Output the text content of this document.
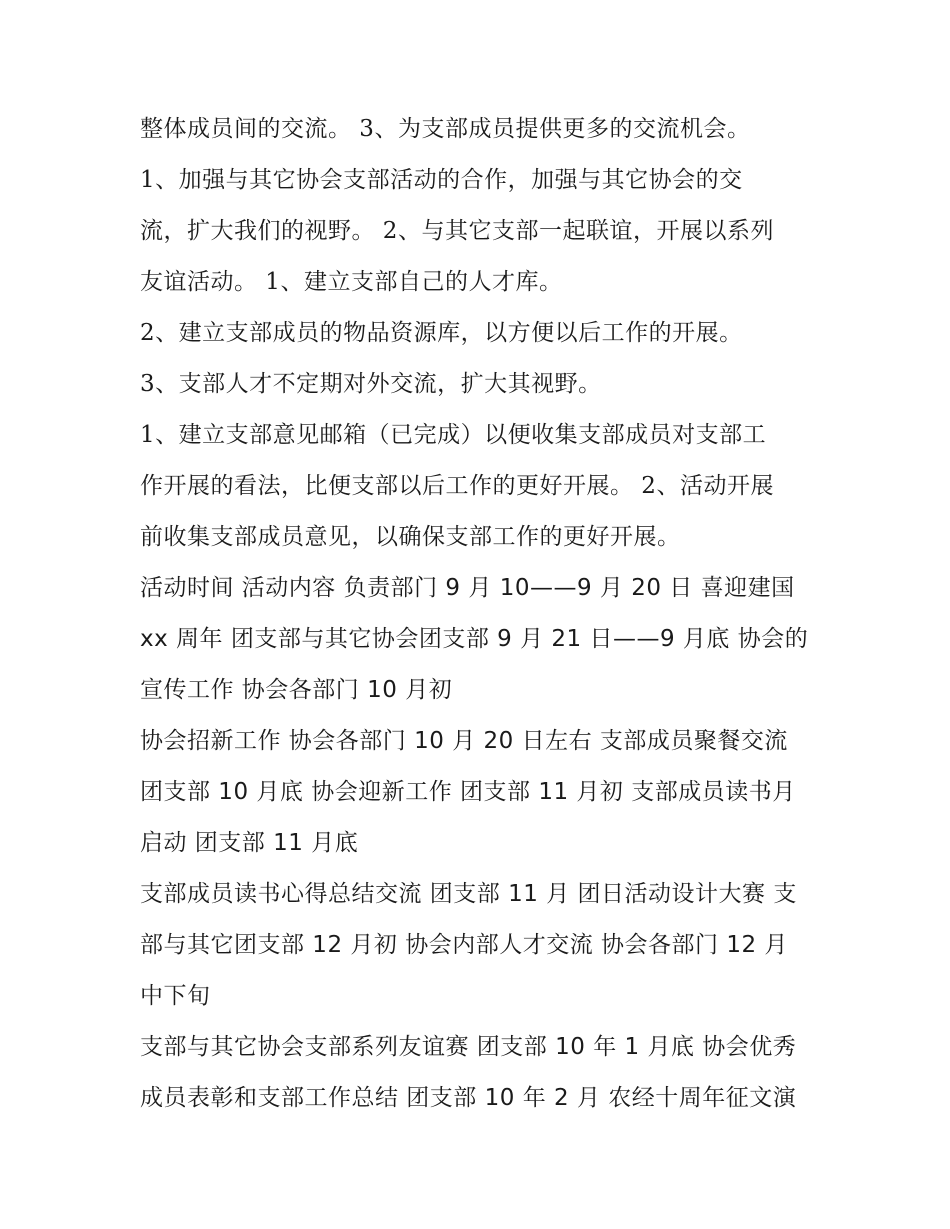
整体成员间的交流。 3、为支部成员提供更多的交流机会。
1、加强与其它协会支部活动的合作，加强与其它协会的交
流，扩大我们的视野。 2、与其它支部一起联谊，开展以系列
友谊活动。 1、建立支部自己的人才库。
2、建立支部成员的物品资源库，以方便以后工作的开展。
3、支部人才不定期对外交流，扩大其视野。
1、建立支部意见邮箱（已完成）以便收集支部成员对支部工
作开展的看法，比便支部以后工作的更好开展。 2、活动开展
前收集支部成员意见，以确保支部工作的更好开展。
活动时间 活动内容 负责部门 9 月 10——9 月 20 日 喜迎建国
xx 周年 团支部与其它协会团支部 9 月 21 日——9 月底 协会的
宣传工作 协会各部门 10 月初
协会招新工作 协会各部门 10 月 20 日左右 支部成员聚餐交流
团支部 10 月底 协会迎新工作 团支部 11 月初 支部成员读书月
启动 团支部 11 月底
支部成员读书心得总结交流 团支部 11 月 团日活动设计大赛 支
部与其它团支部 12 月初 协会内部人才交流 协会各部门 12 月
中下旬
支部与其它协会支部系列友谊赛 团支部 10 年 1 月底 协会优秀
成员表彰和支部工作总结 团支部 10 年 2 月 农经十周年征文演
